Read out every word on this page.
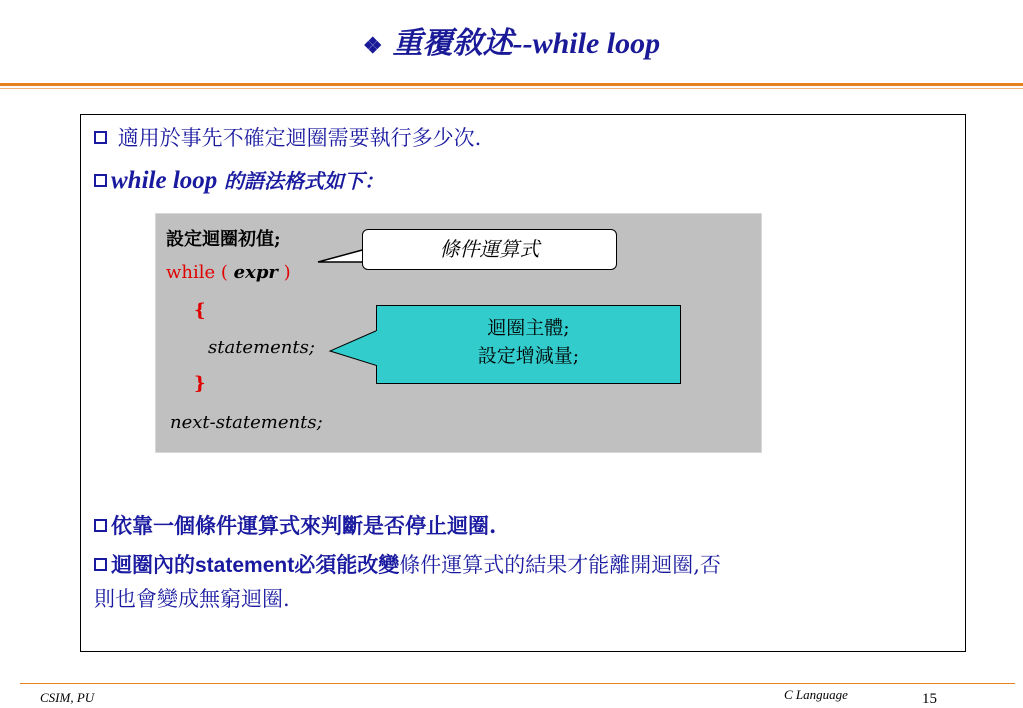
❖ 重覆敘述--while loop
適用於事先不確定迴圈需要執行多少次.
while loop 的語法格式如下：
設定迴圈初值;
while ( expr )
{
statements;
}
next-statements;
條件運算式
迴圈主體;
設定增減量;
依靠一個條件運算式來判斷是否停止迴圈.
迴圈內的statement必須能改變條件運算式的結果才能離開迴圈,否
則也會變成無窮迴圈.
CSIM, PU	C Language	15
